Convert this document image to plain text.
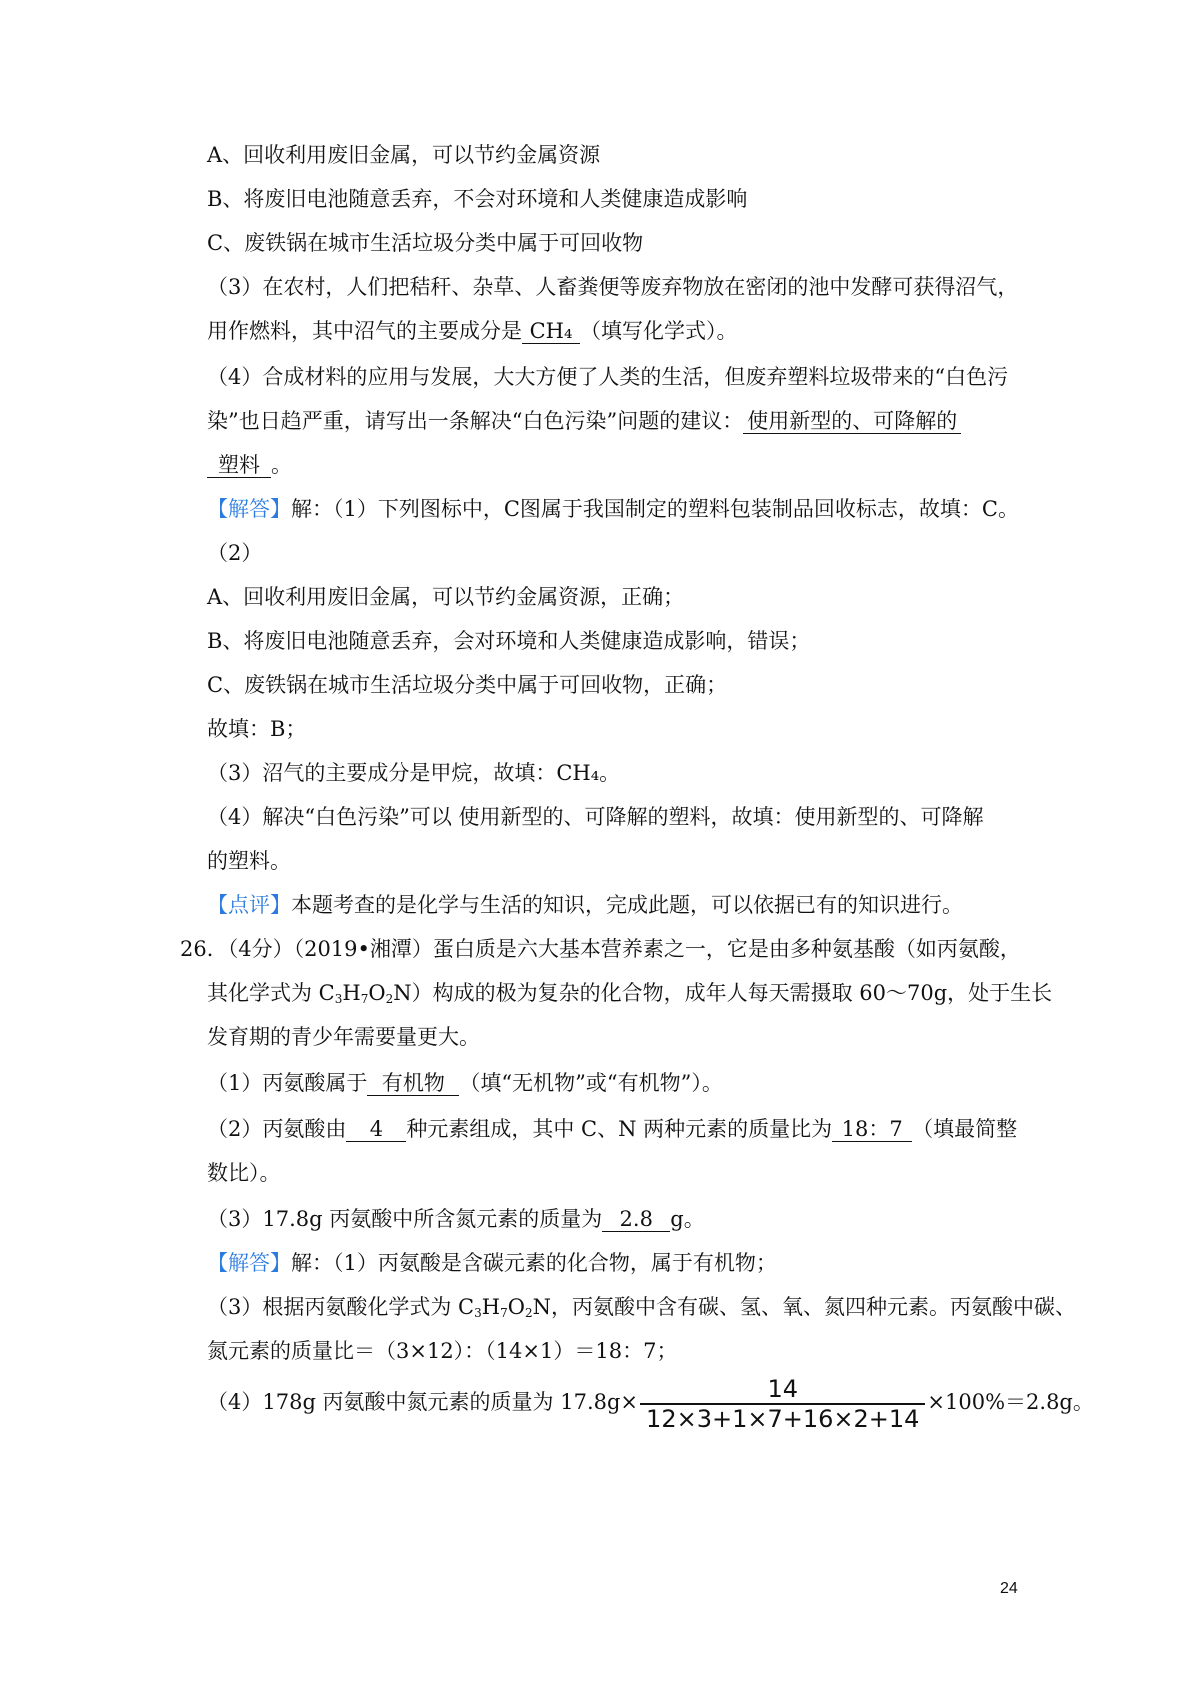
A、回收利用废旧金属，可以节约金属资源
B、将废旧电池随意丢弃，不会对环境和人类健康造成影响
C、废铁锅在城市生活垃圾分类中属于可回收物
（3）在农村，人们把秸秆、杂草、人畜粪便等废弃物放在密闭的池中发酵可获得沼气，
用作燃料，其中沼气的主要成分是 CH₄ （填写化学式）。
（4）合成材料的应用与发展，大大方便了人类的生活，但废弃塑料垃圾带来的“白色污
染”也日趋严重，请写出一条解决“白色污染”问题的建议： 使用新型的、可降解的
塑料 。
【解答】解：（1）下列图标中，C图属于我国制定的塑料包装制品回收标志，故填：C。
（2）
A、回收利用废旧金属，可以节约金属资源，正确；
B、将废旧电池随意丢弃，会对环境和人类健康造成影响，错误；
C、废铁锅在城市生活垃圾分类中属于可回收物，正确；
故填：B；
（3）沼气的主要成分是甲烷，故填：CH₄。
（4）解决“白色污染”可以 使用新型的、可降解的塑料，故填：使用新型的、可降解
的塑料。
【点评】本题考查的是化学与生活的知识，完成此题，可以依据已有的知识进行。
26．（4分）（2019•湘潭）蛋白质是六大基本营养素之一，它是由多种氨基酸（如丙氨酸，
其化学式为 $C_3H_7O_2N$）构成的极为复杂的化合物，成年人每天需摄取 60～70g，处于生长
发育期的青少年需要量更大。
（1）丙氨酸属于 有机物 （填“无机物”或“有机物”）。
（2）丙氨酸由 4 种元素组成，其中 C、N 两种元素的质量比为 18：7 （填最简整
数比）。
（3）17.8g 丙氨酸中所含氮元素的质量为 2.8 g。
【解答】解：（1）丙氨酸是含碳元素的化合物，属于有机物；
（3）根据丙氨酸化学式为 $C_3H_7O_2N$，丙氨酸中含有碳、氢、氧、氮四种元素。丙氨酸中碳、
氮元素的质量比＝（3×12）：（14×1）＝18：7；
（4）178g 丙氨酸中氮元素的质量为 $17.8g\times \frac{14}{12\times 3+1\times 7+16\times 2+14} \times 100\%=2.8g$。
24
